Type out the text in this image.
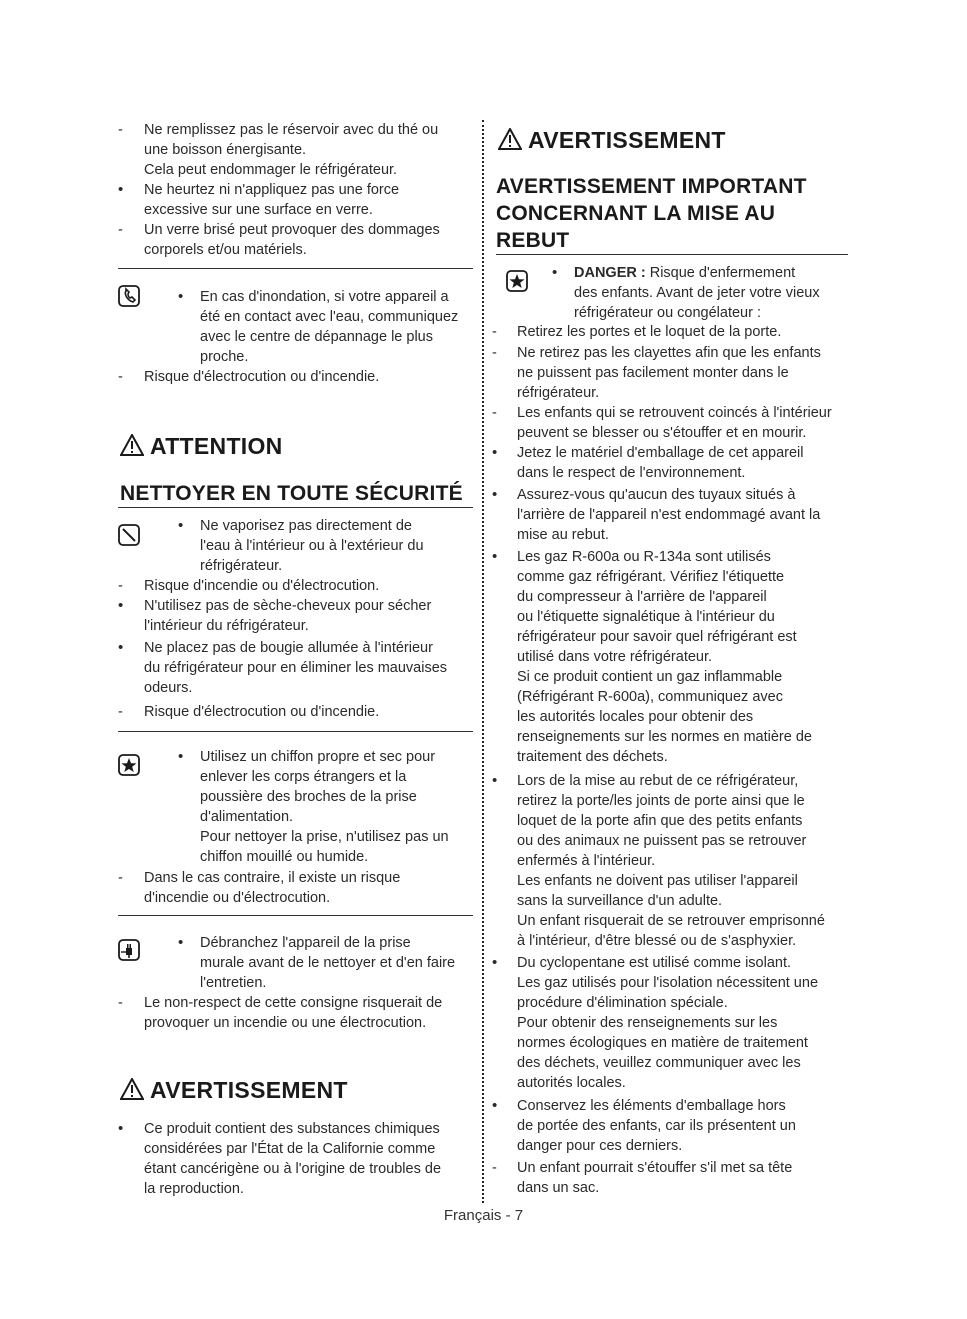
-
Ne remplissez pas le réservoir avec du thé ou
une boisson énergisante.
Cela peut endommager le réfrigérateur.
•
Ne heurtez ni n'appliquez pas une force
excessive sur une surface en verre.
-
Un verre brisé peut provoquer des dommages
corporels et/ou matériels.
•
En cas d'inondation, si votre appareil a
été en contact avec l'eau, communiquez
avec le centre de dépannage le plus
proche.
-
Risque d'électrocution ou d'incendie.
ATTENTION
NETTOYER EN TOUTE SÉCURITÉ
•
Ne vaporisez pas directement de
l'eau à l'intérieur ou à l'extérieur du
réfrigérateur.
-
Risque d'incendie ou d'électrocution.
•
N'utilisez pas de sèche-cheveux pour sécher
l'intérieur du réfrigérateur.
•
Ne placez pas de bougie allumée à l'intérieur
du réfrigérateur pour en éliminer les mauvaises
odeurs.
-
Risque d'électrocution ou d'incendie.
•
Utilisez un chiffon propre et sec pour
enlever les corps étrangers et la
poussière des broches de la prise
d'alimentation.
Pour nettoyer la prise, n'utilisez pas un
chiffon mouillé ou humide.
-
Dans le cas contraire, il existe un risque
d'incendie ou d'électrocution.
•
Débranchez l'appareil de la prise
murale avant de le nettoyer et d'en faire
l'entretien.
-
Le non-respect de cette consigne risquerait de
provoquer un incendie ou une électrocution.
AVERTISSEMENT
•
Ce produit contient des substances chimiques
considérées par l'État de la Californie comme
étant cancérigène ou à l'origine de troubles de
la reproduction.
AVERTISSEMENT
AVERTISSEMENT IMPORTANT
CONCERNANT LA MISE AU
REBUT
•
DANGER : Risque d'enfermement
des enfants. Avant de jeter votre vieux
réfrigérateur ou congélateur :
-
Retirez les portes et le loquet de la porte.
-
Ne retirez pas les clayettes afin que les enfants
ne puissent pas facilement monter dans le
réfrigérateur.
-
Les enfants qui se retrouvent coincés à l'intérieur
peuvent se blesser ou s'étouffer et en mourir.
•
Jetez le matériel d'emballage de cet appareil
dans le respect de l'environnement.
•
Assurez-vous qu'aucun des tuyaux situés à
l'arrière de l'appareil n'est endommagé avant la
mise au rebut.
•
Les gaz R-600a ou R-134a sont utilisés
comme gaz réfrigérant. Vérifiez l'étiquette
du compresseur à l'arrière de l'appareil
ou l'étiquette signalétique à l'intérieur du
réfrigérateur pour savoir quel réfrigérant est
utilisé dans votre réfrigérateur.
Si ce produit contient un gaz inflammable
(Réfrigérant R-600a), communiquez avec
les autorités locales pour obtenir des
renseignements sur les normes en matière de
traitement des déchets.
•
Lors de la mise au rebut de ce réfrigérateur,
retirez la porte/les joints de porte ainsi que le
loquet de la porte afin que des petits enfants
ou des animaux ne puissent pas se retrouver
enfermés à l'intérieur.
Les enfants ne doivent pas utiliser l'appareil
sans la surveillance d'un adulte.
Un enfant risquerait de se retrouver emprisonné
à l'intérieur, d'être blessé ou de s'asphyxier.
•
Du cyclopentane est utilisé comme isolant.
Les gaz utilisés pour l'isolation nécessitent une
procédure d'élimination spéciale.
Pour obtenir des renseignements sur les
normes écologiques en matière de traitement
des déchets, veuillez communiquer avec les
autorités locales.
•
Conservez les éléments d'emballage hors
de portée des enfants, car ils présentent un
danger pour ces derniers.
-
Un enfant pourrait s'étouffer s'il met sa tête
dans un sac.
Français - 7
